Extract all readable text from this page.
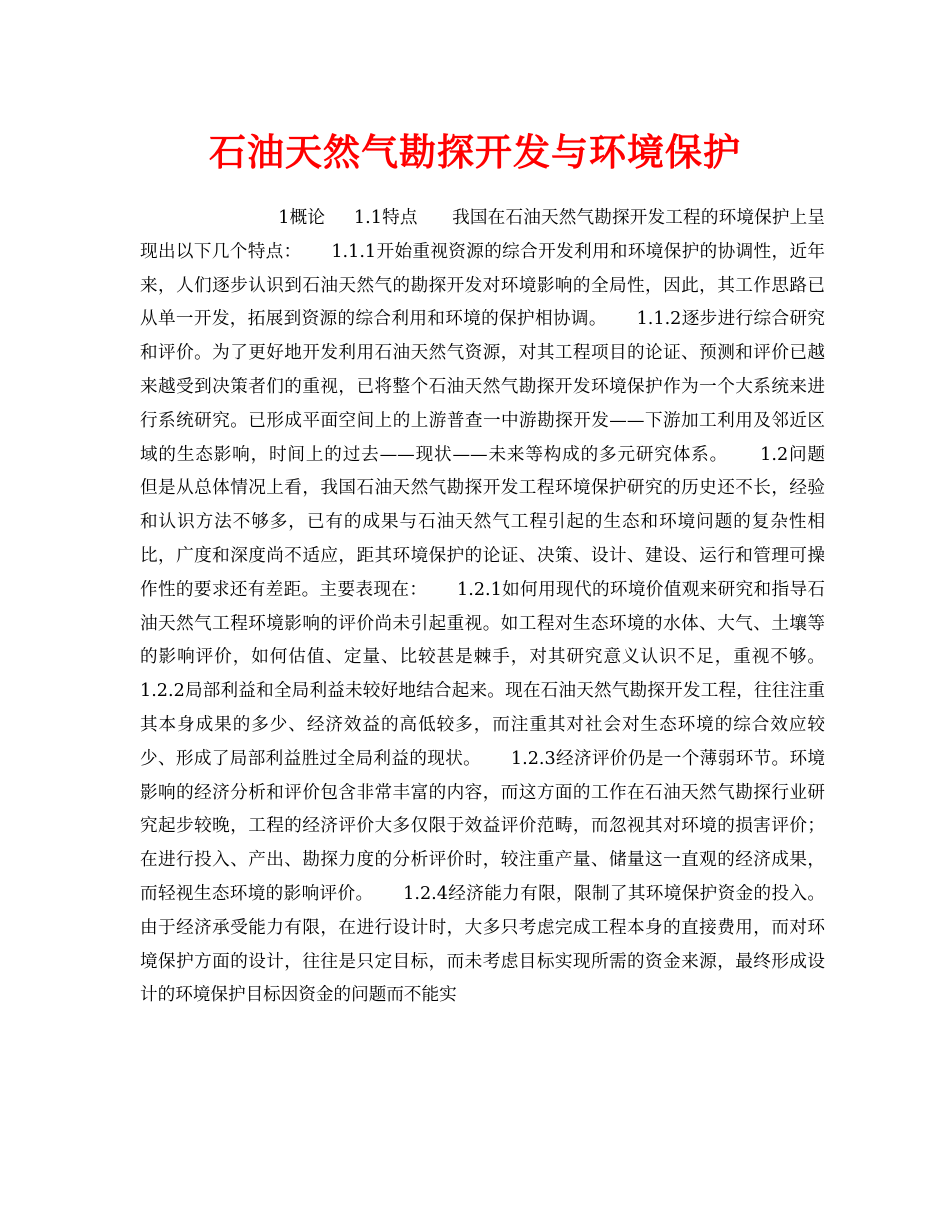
石油天然气勘探开发与环境保护

1概论     1.1特点      我国在石油天然气勘探开发工程的环境保护上呈现出以下几个特点：     1.1.1开始重视资源的综合开发利用和环境保护的协调性，近年来，人们逐步认识到石油天然气的勘探开发对环境影响的全局性，因此，其工作思路已从单一开发，拓展到资源的综合利用和环境的保护相协调。     1.1.2逐步进行综合研究和评价。为了更好地开发利用石油天然气资源，对其工程项目的论证、预测和评价已越来越受到决策者们的重视，已将整个石油天然气勘探开发环境保护作为一个大系统来进行系统研究。已形成平面空间上的上游普查一中游勘探开发——下游加工利用及邻近区域的生态影响，时间上的过去——现状——未来等构成的多元研究体系。     1.2问题     但是从总体情况上看，我国石油天然气勘探开发工程环境保护研究的历史还不长，经验和认识方法不够多，已有的成果与石油天然气工程引起的生态和环境问题的复杂性相比，广度和深度尚不适应，距其环境保护的论证、决策、设计、建设、运行和管理可操作性的要求还有差距。主要表现在：     1.2.1如何用现代的环境价值观来研究和指导石油天然气工程环境影响的评价尚未引起重视。如工程对生态环境的水体、大气、土壤等的影响评价，如何估值、定量、比较甚是棘手，对其研究意义认识不足，重视不够。     1.2.2局部利益和全局利益未较好地结合起来。现在石油天然气勘探开发工程，往往注重其本身成果的多少、经济效益的高低较多，而注重其对社会对生态环境的综合效应较少、形成了局部利益胜过全局利益的现状。     1.2.3经济评价仍是一个薄弱环节。环境影响的经济分析和评价包含非常丰富的内容，而这方面的工作在石油天然气勘探行业研究起步较晚，工程的经济评价大多仅限于效益评价范畴，而忽视其对环境的损害评价；在进行投入、产出、勘探力度的分析评价时，较注重产量、储量这一直观的经济成果，而轻视生态环境的影响评价。     1.2.4经济能力有限，限制了其环境保护资金的投入。由于经济承受能力有限，在进行设计时，大多只考虑完成工程本身的直接费用，而对环境保护方面的设计，往往是只定目标，而未考虑目标实现所需的资金来源，最终形成设计的环境保护目标因资金的问题而不能实
